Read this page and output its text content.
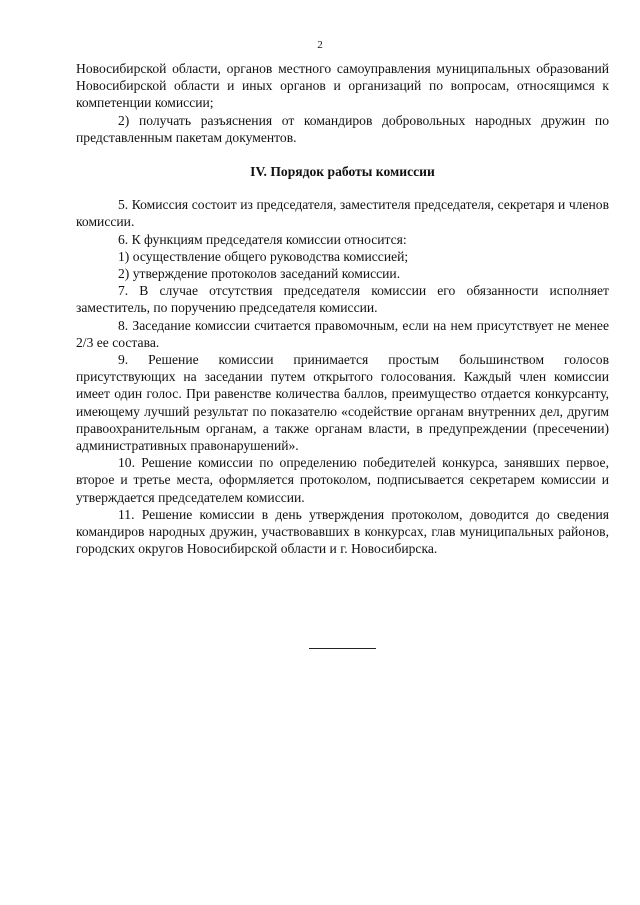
2

Новосибирской области, органов местного самоуправления муниципальных образований Новосибирской области и иных органов и организаций по вопросам, относящимся к компетенции комиссии;

2) получать разъяснения от командиров добровольных народных дружин по представленным пакетам документов.

IV. Порядок работы комиссии

5. Комиссия состоит из председателя, заместителя председателя, секретаря и членов комиссии.

6. К функциям председателя комиссии относится:

1) осуществление общего руководства комиссией;

2) утверждение протоколов заседаний комиссии.

7. В случае отсутствия председателя комиссии его обязанности исполняет заместитель, по поручению председателя комиссии.

8. Заседание комиссии считается правомочным, если на нем присутствует не менее 2/3 ее состава.

9. Решение комиссии принимается простым большинством голосов присутствующих на заседании путем открытого голосования. Каждый член комиссии имеет один голос. При равенстве количества баллов, преимущество отдается конкурсанту, имеющему лучший результат по показателю «содействие органам внутренних дел, другим правоохранительным органам, а также органам власти, в предупреждении (пресечении) административных правонарушений».

10. Решение комиссии по определению победителей конкурса, занявших первое, второе и третье места, оформляется протоколом, подписывается секретарем комиссии и утверждается председателем комиссии.

11. Решение комиссии в день утверждения протоколом, доводится до сведения командиров народных дружин, участвовавших в конкурсах, глав муниципальных районов, городских округов Новосибирской области и г. Новосибирска.
